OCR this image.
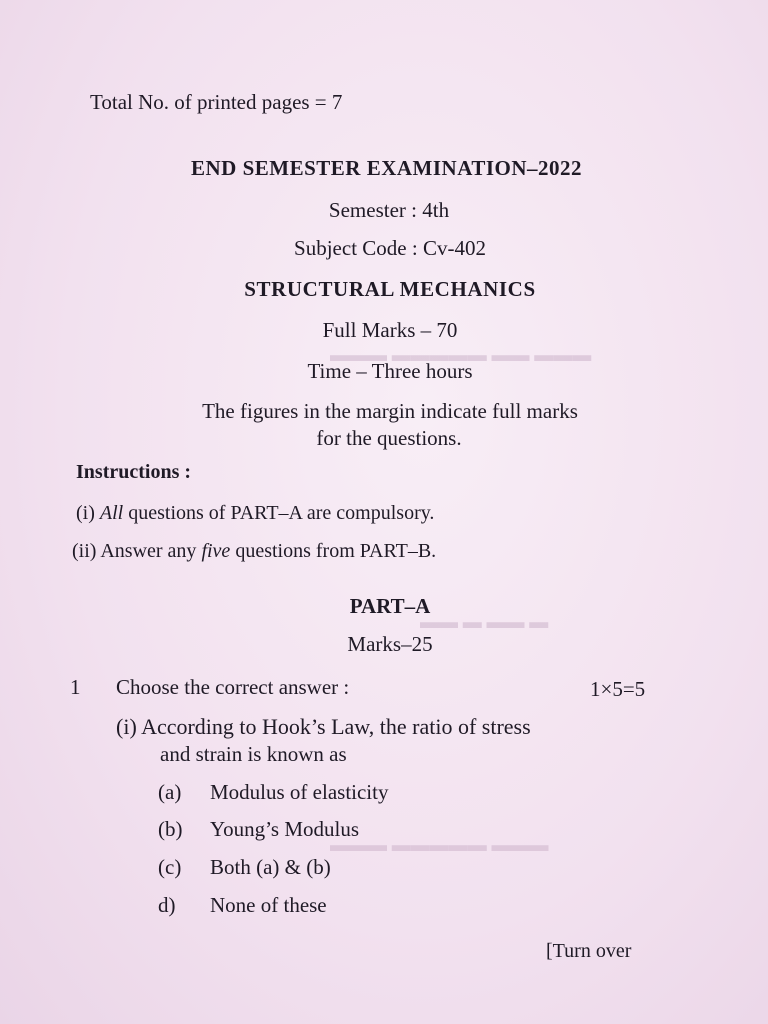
▬▬▬ ▬▬ ▬▬▬▬▬ ▬▬▬
▬ ▬▬ ▬ ▬▬
▬▬▬ ▬▬▬▬▬ ▬▬▬
Total No. of printed pages = 7
END SEMESTER EXAMINATION–2022
Semester : 4th
Subject Code : Cv-402
STRUCTURAL MECHANICS
Full Marks – 70
Time – Three hours
The figures in the margin indicate full marks
for the questions.
Instructions :
(i) All questions of PART–A are compulsory.
(ii) Answer any five questions from PART–B.
PART–A
Marks–25
1 Choose the correct answer :	1×5=5
(i) According to Hook’s Law, the ratio of stress
and strain is known as
(a) Modulus of elasticity
(b) Young’s Modulus
(c) Both (a) & (b)
d) None of these
[Turn over
